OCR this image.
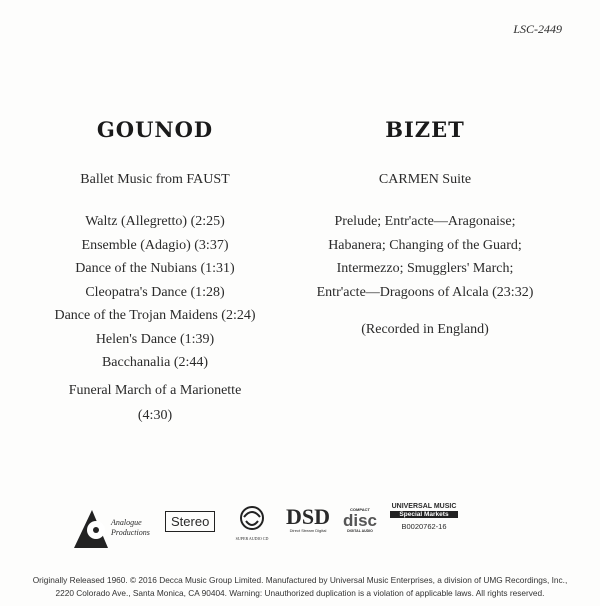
LSC-2449
GOUNOD	BIZET
Ballet Music from FAUST	CARMEN Suite
Waltz (Allegretto) (2:25)
Ensemble (Adagio) (3:37)
Dance of the Nubians (1:31)
Cleopatra's Dance (1:28)
Dance of the Trojan Maidens (2:24)
Helen's Dance (1:39)
Bacchanalia (2:44)
Funeral March of a Marionette
(4:30)
Prelude; Entr'acte—Aragonaise;
Habanera; Changing of the Guard;
Intermezzo; Smugglers' March;
Entr'acte—Dragoons of Alcala (23:32)
(Recorded in England)
Analogue Productions
Stereo
SUPER AUDIO CD
DSD
Direct Stream Digital
COMPACT
disc
DIGITAL AUDIO
UNIVERSAL MUSIC
Special Markets
B0020762-16
Originally Released 1960. © 2016 Decca Music Group Limited. Manufactured by Universal Music Enterprises, a division of UMG Recordings, Inc.,
2220 Colorado Ave., Santa Monica, CA 90404. Warning: Unauthorized duplication is a violation of applicable laws. All rights reserved.
